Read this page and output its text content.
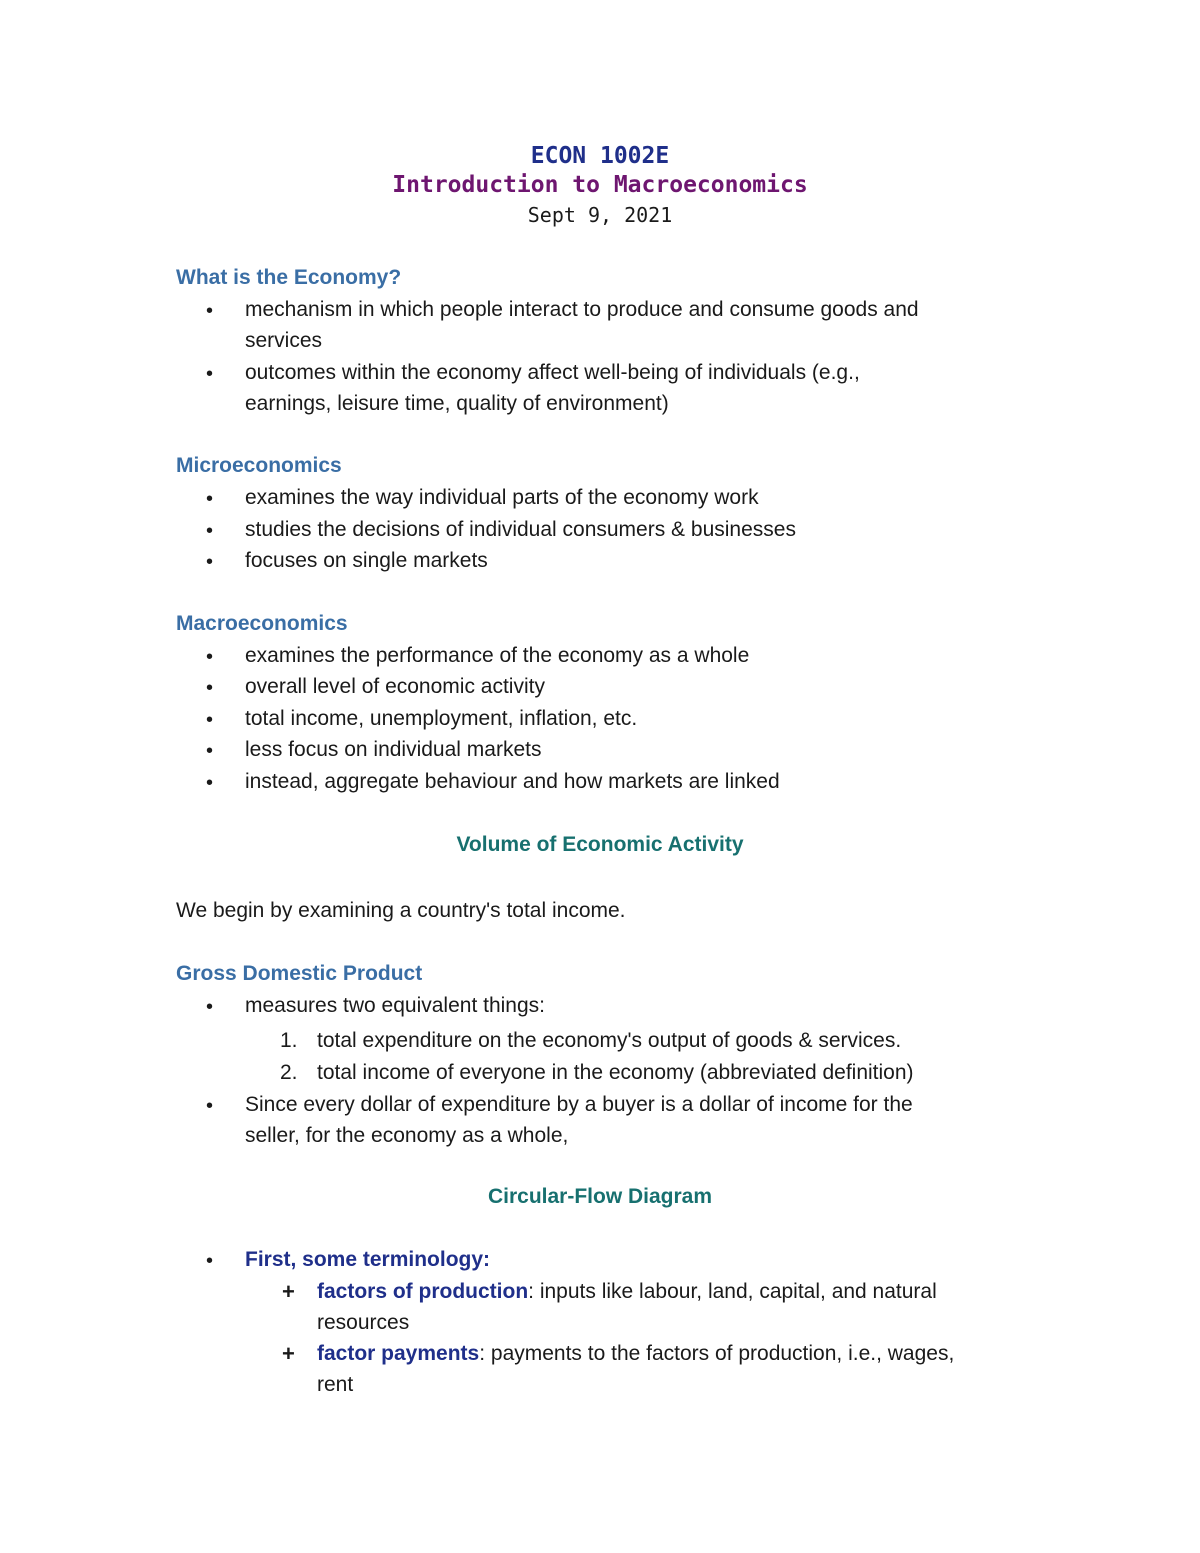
ECON 1002E
Introduction to Macroeconomics
Sept 9, 2021
What is the Economy?
• mechanism in which people interact to produce and consume goods and
services
• outcomes within the economy affect well-being of individuals (e.g.,
earnings, leisure time, quality of environment)
Microeconomics
• examines the way individual parts of the economy work
• studies the decisions of individual consumers & businesses
• focuses on single markets
Macroeconomics
• examines the performance of the economy as a whole
• overall level of economic activity
• total income, unemployment, inflation, etc.
• less focus on individual markets
• instead, aggregate behaviour and how markets are linked
Volume of Economic Activity
We begin by examining a country's total income.
Gross Domestic Product
• measures two equivalent things:
1. total expenditure on the economy's output of goods & services.
2. total income of everyone in the economy (abbreviated definition)
• Since every dollar of expenditure by a buyer is a dollar of income for the
seller, for the economy as a whole,
Circular-Flow Diagram
• First, some terminology:
+ factors of production: inputs like labour, land, capital, and natural
resources
+ factor payments: payments to the factors of production, i.e., wages,
rent
